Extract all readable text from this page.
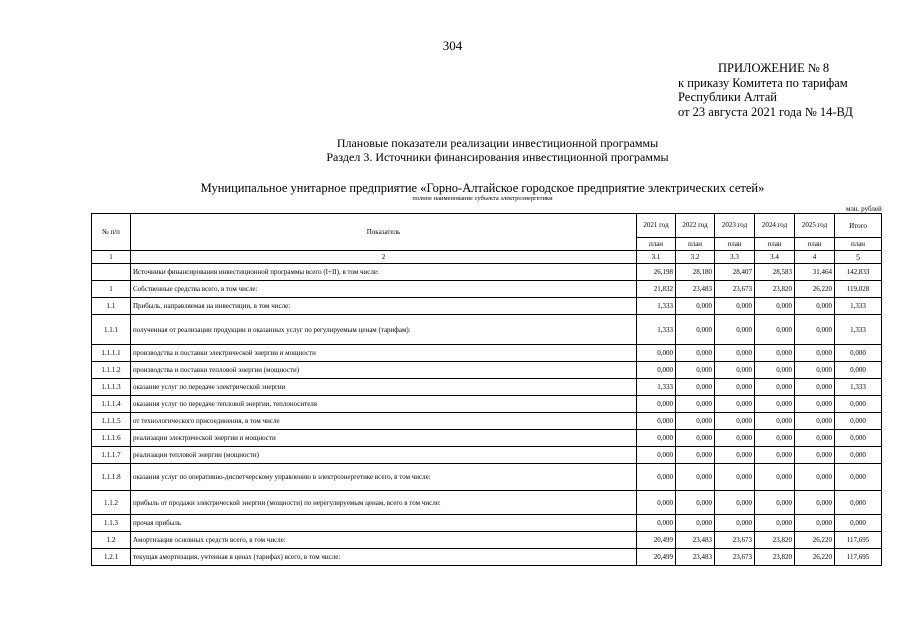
304
ПРИЛОЖЕНИЕ № 8
к приказу Комитета по тарифам
Республики Алтай
от 23 августа 2021 года № 14-ВД
Плановые показатели реализации инвестиционной программы
Раздел 3. Источники финансирования инвестиционной программы
Муниципальное унитарное предприятие «Горно-Алтайское городское предприятие электрических сетей»
полное наименование субъекта электроэнергетики
млн. рублей
№ п/п	Показатель	2021 год	2022 год	2023 год	2024 год	2025 год	Итого
		план	план	план	план	план	план
1	2	3.1	3.2	3.3	3.4	4	5
	Источники финансирования инвестиционной программы всего (I+II), в том числе:	26,198	28,180	28,407	28,583	31,464	142,833
1	Собственные средства всего, в том числе:	21,832	23,483	23,673	23,820	26,220	119,028
1.1	Прибыль, направляемая на инвестиции, в том числе:	1,333	0,000	0,000	0,000	0,000	1,333
1.1.1	полученная от реализации продукции и оказанных услуг по регулируемым ценам (тарифам):	1,333	0,000	0,000	0,000	0,000	1,333
1.1.1.1	производства и поставки электрической энергии и мощности	0,000	0,000	0,000	0,000	0,000	0,000
1.1.1.2	производства и поставки тепловой энергии (мощности)	0,000	0,000	0,000	0,000	0,000	0,000
1.1.1.3	оказание услуг по передаче электрической энергии	1,333	0,000	0,000	0,000	0,000	1,333
1.1.1.4	оказания услуг по передаче тепловой энергии, теплоносителя	0,000	0,000	0,000	0,000	0,000	0,000
1.1.1.5	от технологического присоединения, в том числе	0,000	0,000	0,000	0,000	0,000	0,000
1.1.1.6	реализации электрической энергии и мощности	0,000	0,000	0,000	0,000	0,000	0,000
1.1.1.7	реализации тепловой энергии (мощности)	0,000	0,000	0,000	0,000	0,000	0,000
1.1.1.8	оказания услуг по оперативно-диспетчерскому управлению в электроэнергетике всего, в том числе:	0,000	0,000	0,000	0,000	0,000	0,000
1.1.2	прибыль от продажи электрической энергии (мощности) по нерегулируемым ценам, всего в том числе:	0,000	0,000	0,000	0,000	0,000	0,000
1.1.3	прочая прибыль	0,000	0,000	0,000	0,000	0,000	0,000
1.2	Амортизация основных средств всего, в том числе:	20,499	23,483	23,673	23,820	26,220	117,695
1.2.1	текущая амортизация, учтенная в ценах (тарифах) всего, в том числе:	20,499	23,483	23,673	23,820	26,220	117,695
